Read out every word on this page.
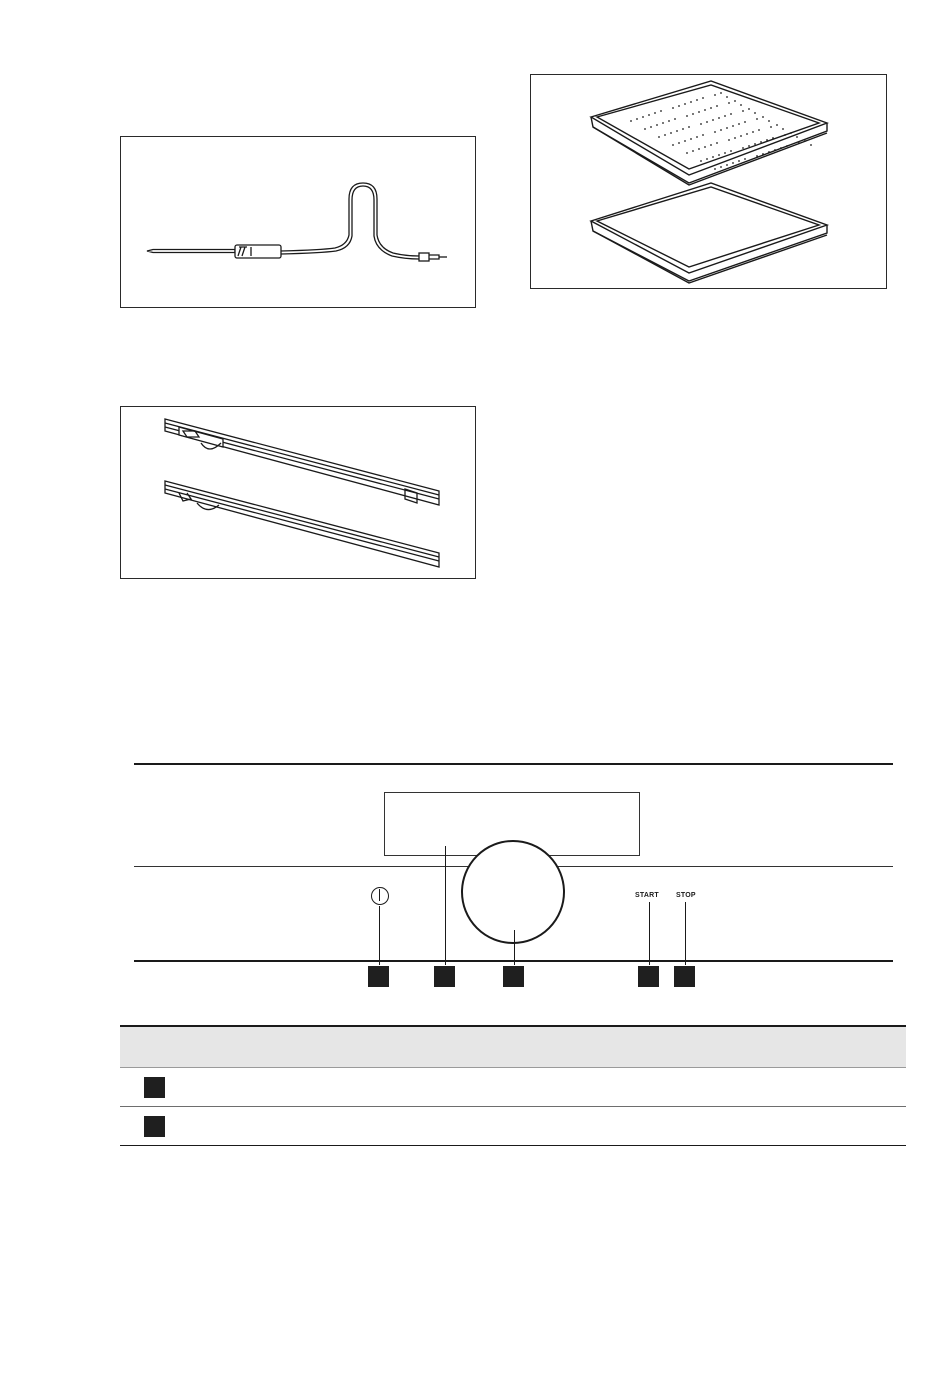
START STOP
